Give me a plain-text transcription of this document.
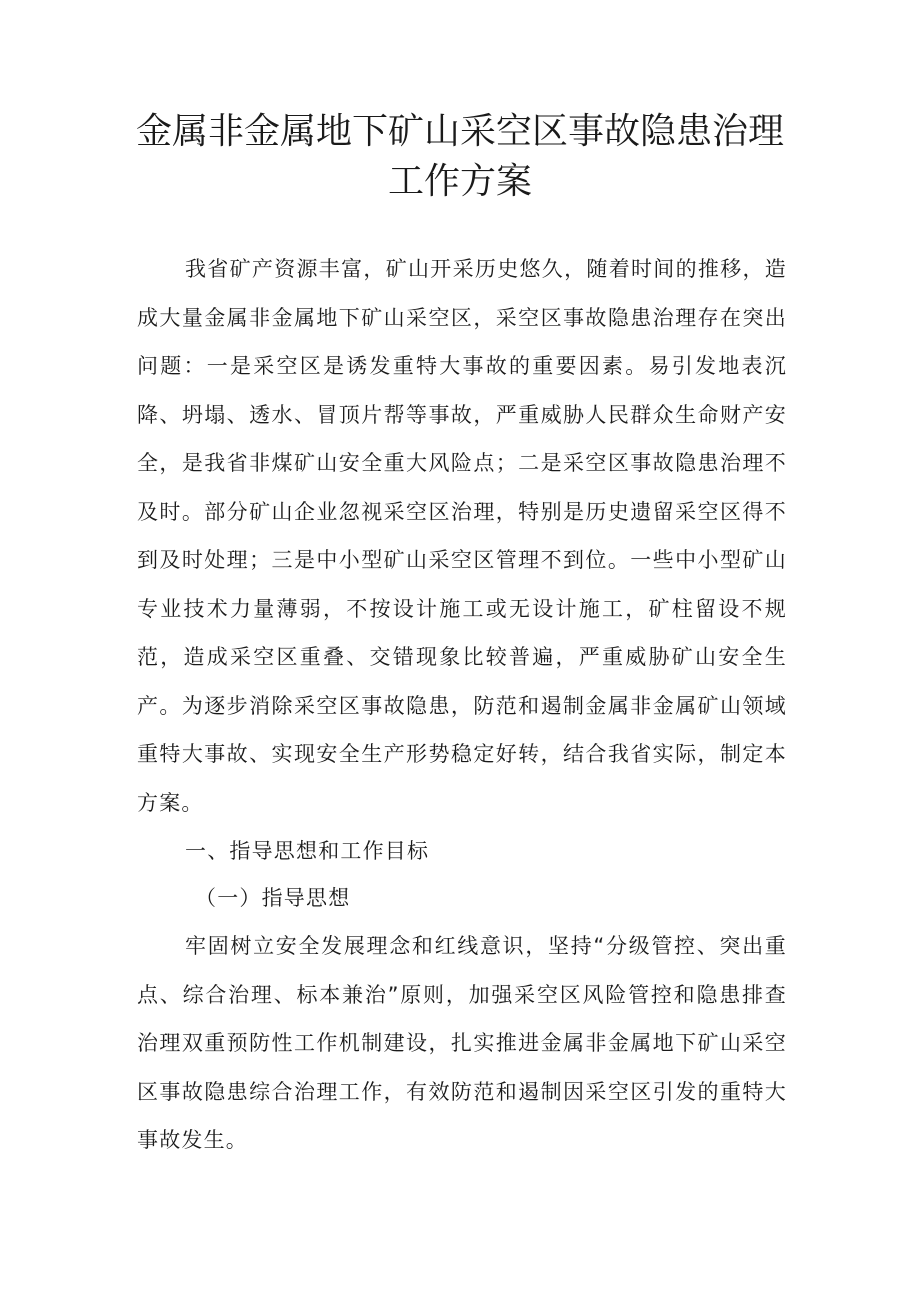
金属非金属地下矿山采空区事故隐患治理
工作方案

我省矿产资源丰富，矿山开采历史悠久，随着时间的推移，造成大量金属非金属地下矿山采空区，采空区事故隐患治理存在突出问题：一是采空区是诱发重特大事故的重要因素。易引发地表沉降、坍塌、透水、冒顶片帮等事故，严重威胁人民群众生命财产安全，是我省非煤矿山安全重大风险点；二是采空区事故隐患治理不及时。部分矿山企业忽视采空区治理，特别是历史遗留采空区得不到及时处理；三是中小型矿山采空区管理不到位。一些中小型矿山专业技术力量薄弱，不按设计施工或无设计施工，矿柱留设不规范，造成采空区重叠、交错现象比较普遍，严重威胁矿山安全生产。为逐步消除采空区事故隐患，防范和遏制金属非金属矿山领域重特大事故、实现安全生产形势稳定好转，结合我省实际，制定本方案。

一、指导思想和工作目标

（一）指导思想

牢固树立安全发展理念和红线意识，坚持“分级管控、突出重点、综合治理、标本兼治”原则，加强采空区风险管控和隐患排查治理双重预防性工作机制建设，扎实推进金属非金属地下矿山采空区事故隐患综合治理工作，有效防范和遏制因采空区引发的重特大事故发生。
